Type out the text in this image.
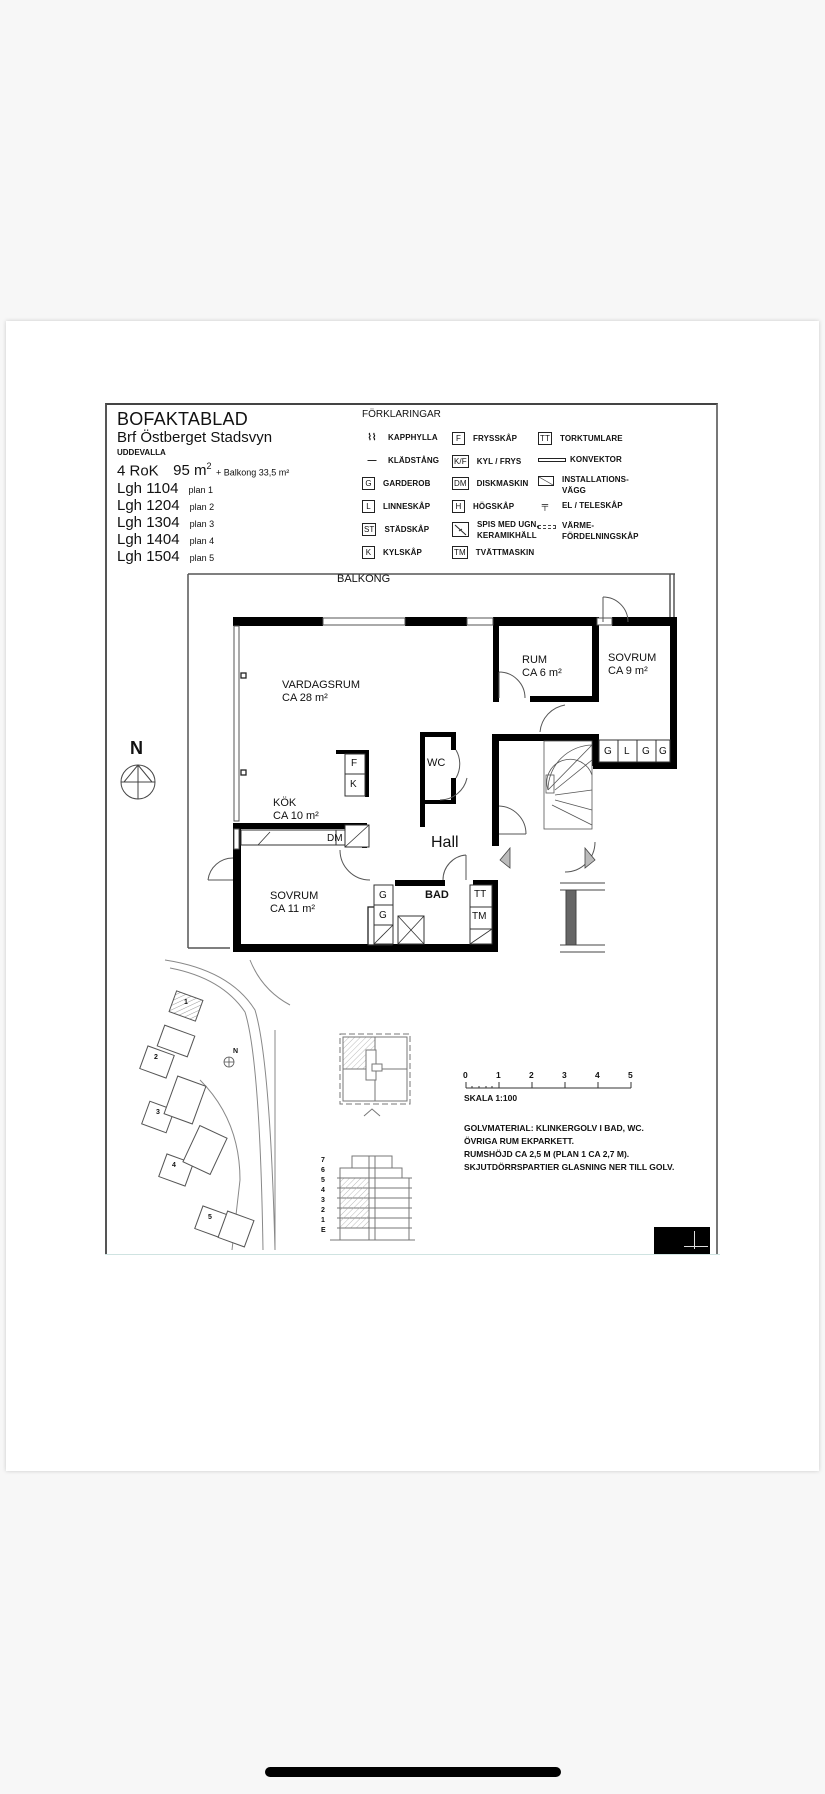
BOFAKTABLAD
Brf Östberget Stadsvyn
UDDEVALLA
4 RoK 95 $m^2$ + Balkong 33,5 m²
Lgh 1104 plan 1
Lgh 1204 plan 2
Lgh 1304 plan 3
Lgh 1404 plan 4
Lgh 1504 plan 5
FÖRKLARINGAR
⌇⌇	KAPPHYLLA
—	KLÄDSTÅNG
G	GARDEROB
L	LINNESKÅP
ST STÄDSKÅP
K	KYLSKÅP
F	FRYSSKÅP
K/F KYL / FRYS
DM DISKMASKIN
H	HÖGSKÅP
SPIS MED UGN,
KERAMIKHÄLL
TM TVÄTTMASKIN
TT TORKTUMLARE
KONVEKTOR
INSTALLATIONS-
VÄGG
╤	EL / TELESKÅP
VÄRME-
FÖRDELNINGSKÅP
BALKONG
VARDAGSRUM
CA 28 m²
RUM
CA 6 m²
SOVRUM
CA 9 m²
KÖK
CA 10 m²
SOVRUM
CA 11 m²
WC
BAD
Hall
F
K
DM
TT
TM
G L G G
G
G
N
1
2
3
4
5
N
7
6
5
4
3
2
1
E
0	1	2	3	4	5
SKALA 1:100
GOLVMATERIAL: KLINKERGOLV I BAD, WC.
ÖVRIGA RUM EKPARKETT.
RUMSHÖJD CA 2,5 M (PLAN 1 CA 2,7 M).
SKJUTDÖRRSPARTIER GLASNING NER TILL GOLV.
